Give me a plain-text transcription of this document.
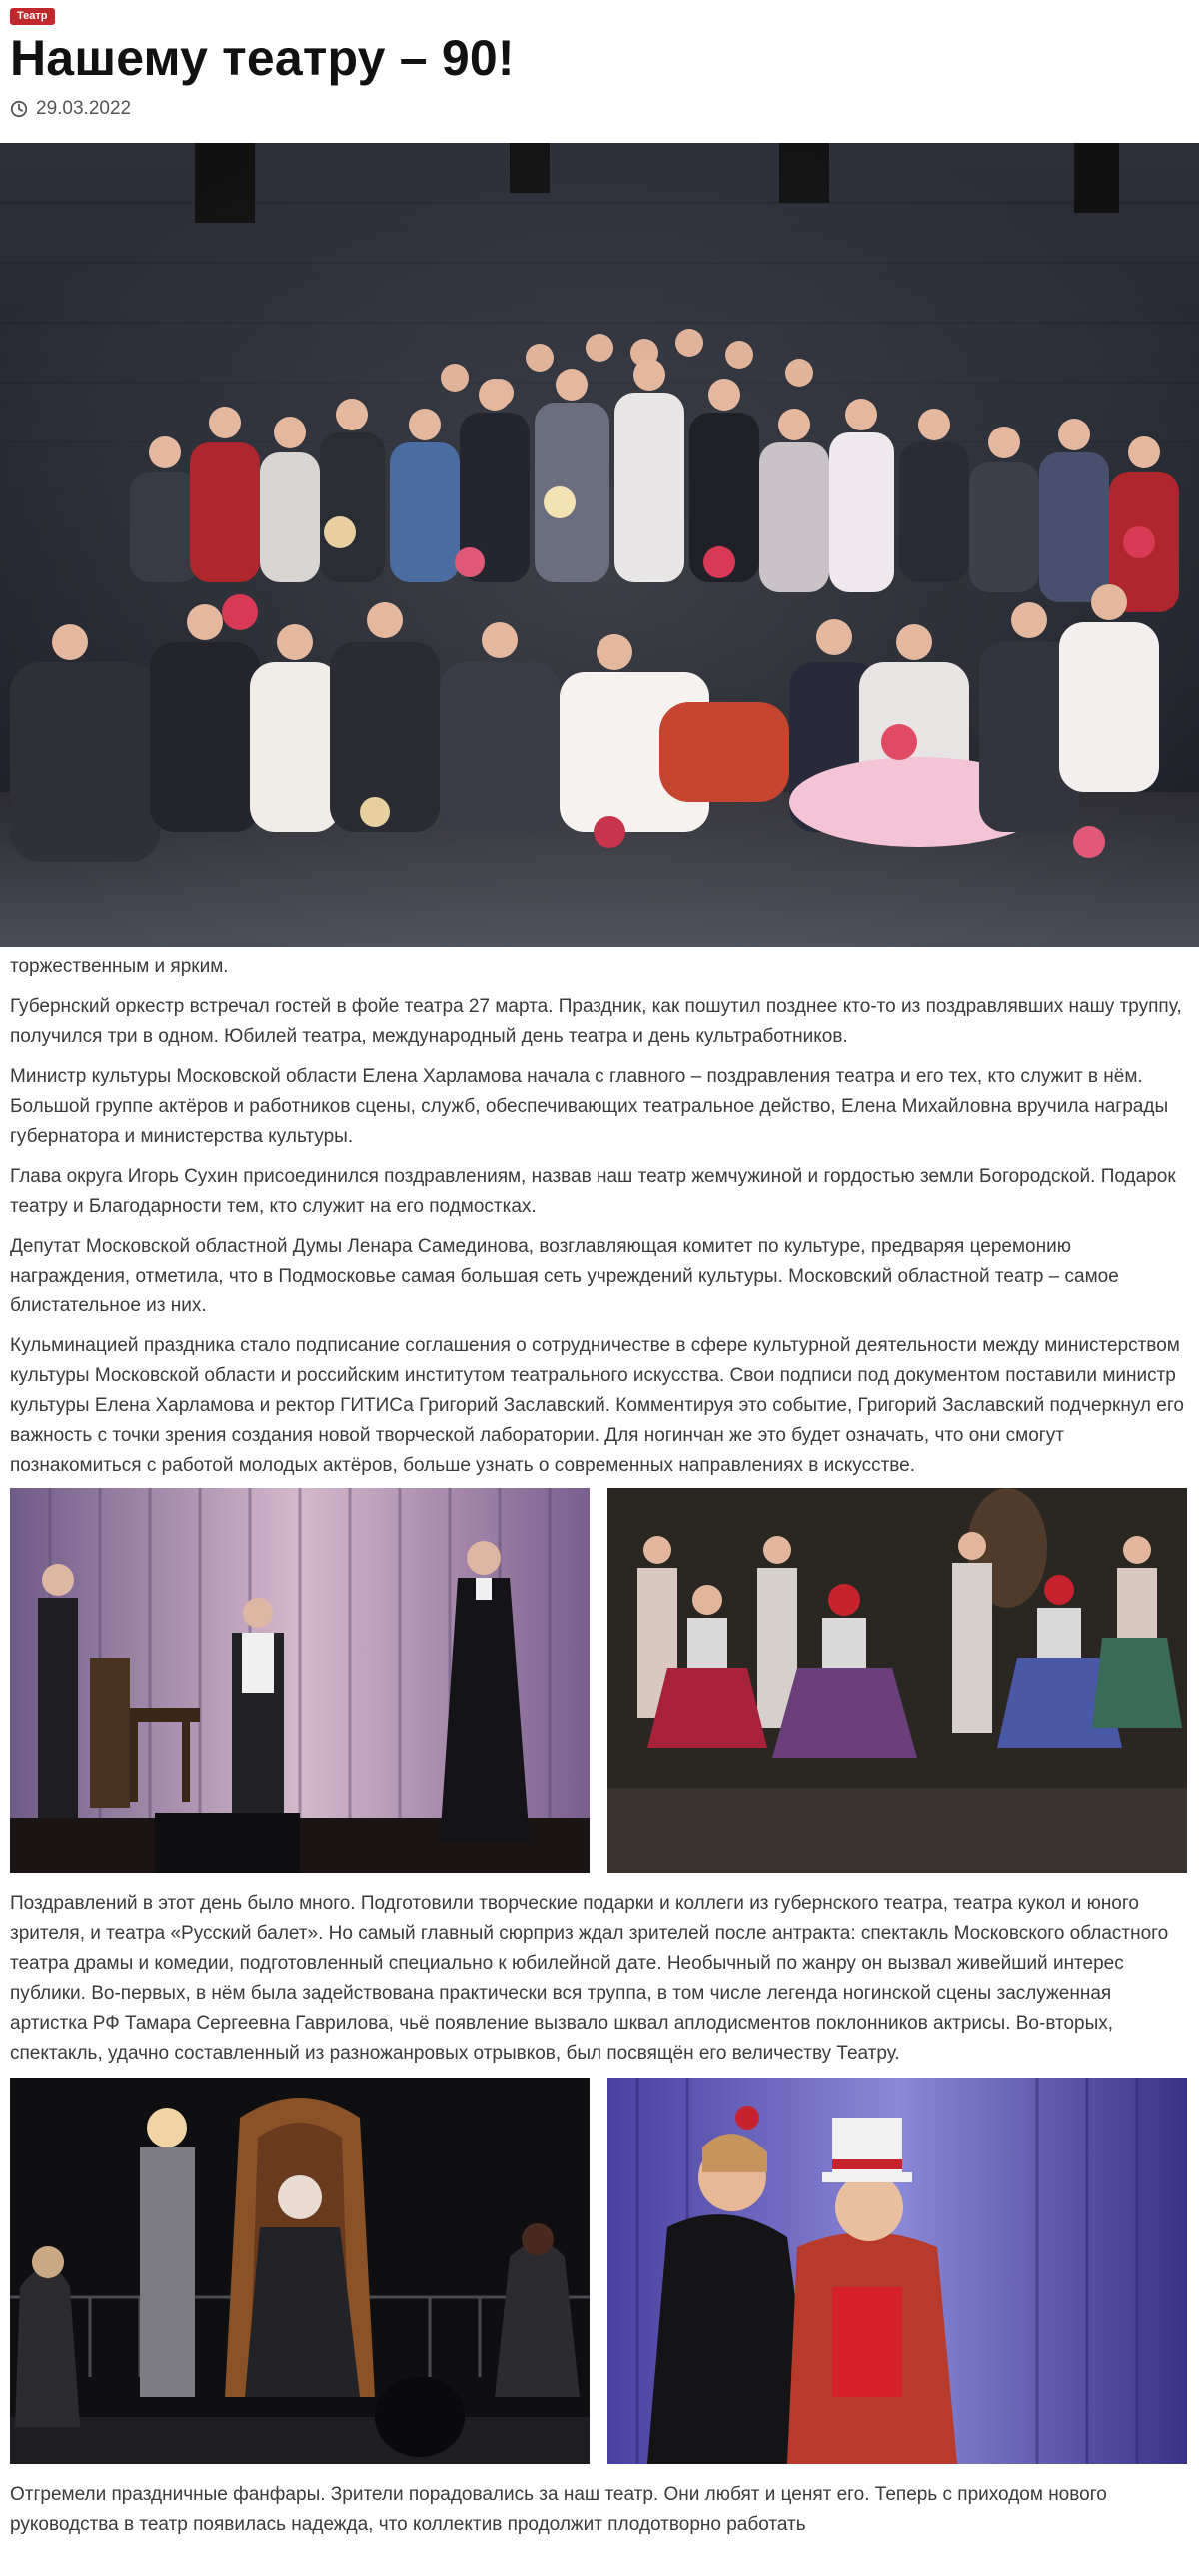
Театр
Нашему театру – 90!
29.03.2022

торжественным и ярким.

Губернский оркестр встречал гостей в фойе театра 27 марта. Праздник, как пошутил позднее кто-то из поздравлявших нашу труппу, получился три в одном. Юбилей театра, международный день театра и день культработников.

Министр культуры Московской области Елена Харламова начала с главного – поздравления театра и его тех, кто служит в нём. Большой группе актёров и работников сцены, служб, обеспечивающих театральное действо, Елена Михайловна вручила награды губернатора и министерства культуры.

Глава округа Игорь Сухин присоединился поздравлениям, назвав наш театр жемчужиной и гордостью земли Богородской. Подарок театру и Благодарности тем, кто служит на его подмостках.

Депутат Московской областной Думы Ленара Самединова, возглавляющая комитет по культуре, предваряя церемонию награждения, отметила, что в Подмосковье самая большая сеть учреждений культуры. Московский областной театр – самое блистательное из них.

Кульминацией праздника стало подписание соглашения о сотрудничестве в сфере культурной деятельности между министерством культуры Московской области и российским институтом театрального искусства. Свои подписи под документом поставили министр культуры Елена Харламова и ректор ГИТИСа Григорий Заславский. Комментируя это событие, Григорий Заславский подчеркнул его важность с точки зрения создания новой творческой лаборатории. Для ногинчан же это будет означать, что они смогут познакомиться с работой молодых актёров, больше узнать о современных направлениях в искусстве.

Поздравлений в этот день было много. Подготовили творческие подарки и коллеги из губернского театра, театра кукол и юного зрителя, и театра «Русский балет». Но самый главный сюрприз ждал зрителей после антракта: спектакль Московского областного театра драмы и комедии, подготовленный специально к юбилейной дате. Необычный по жанру он вызвал живейший интерес публики. Во-первых, в нём была задействована практически вся труппа, в том числе легенда ногинской сцены заслуженная артистка РФ Тамара Сергеевна Гаврилова, чьё появление вызвало шквал аплодисментов поклонников актрисы. Во-вторых, спектакль, удачно составленный из разножанровых отрывков, был посвящён его величеству Театру.

Отгремели праздничные фанфары. Зрители порадовались за наш театр. Они любят и ценят его. Теперь с приходом нового руководства в театр появилась надежда, что коллектив продолжит плодотворно работать
